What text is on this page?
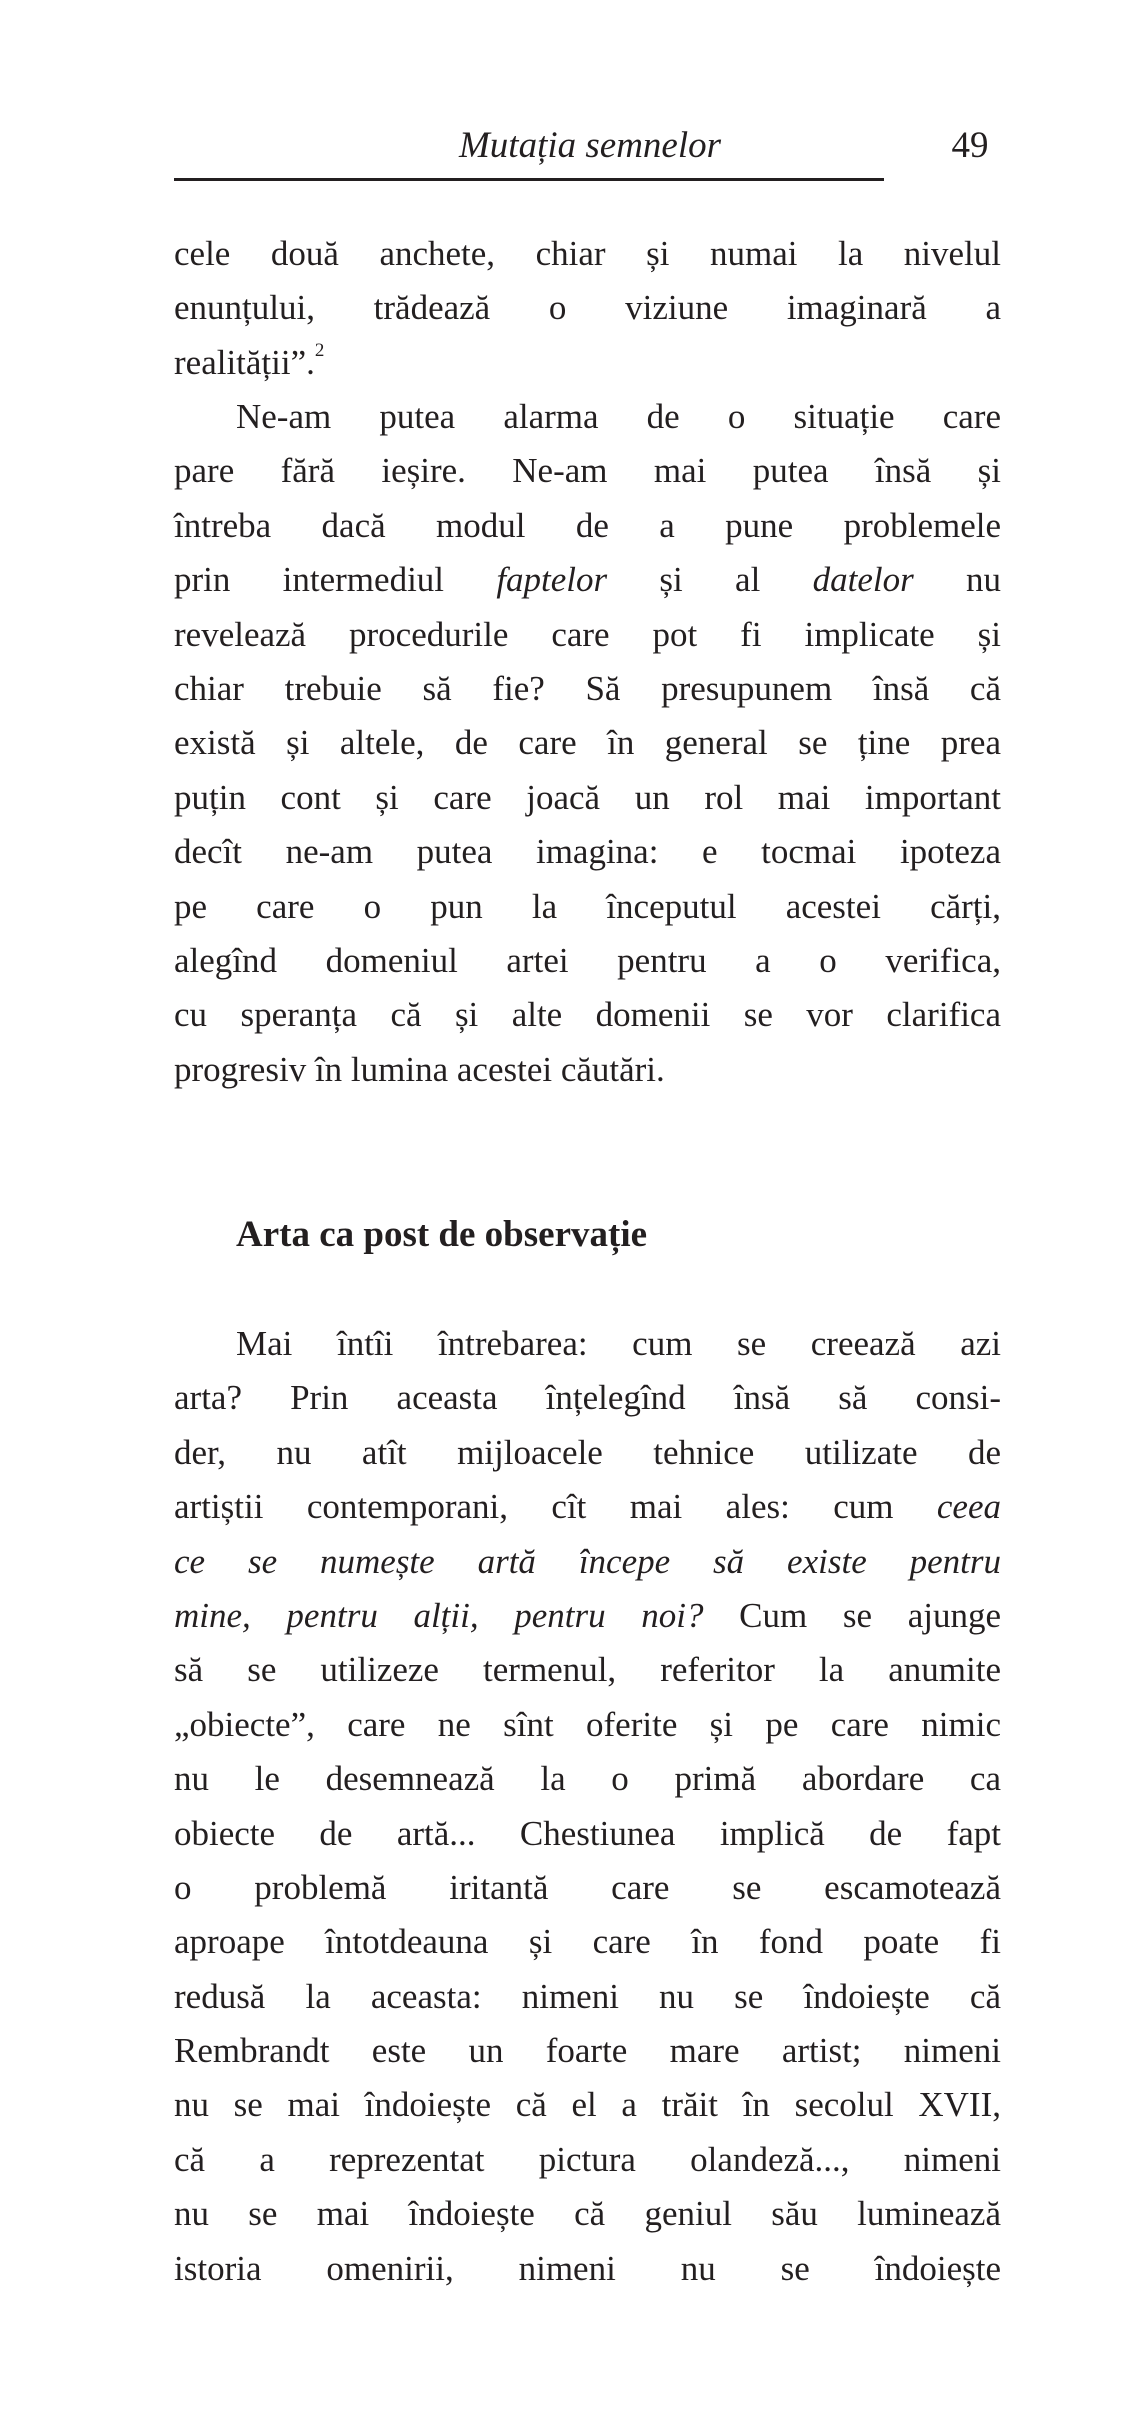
Mutația semnelor	49
cele două anchete, chiar și numai la nivelul
enunțului, trădează o viziune imaginară a
realității”.$^2$
Ne-am putea alarma de o situație care
pare fără ieșire. Ne-am mai putea însă și
întreba dacă modul de a pune problemele
prin intermediul faptelor și al datelor nu
revelează procedurile care pot fi implicate și
chiar trebuie să fie? Să presupunem însă că
există și altele, de care în general se ține prea
puțin cont și care joacă un rol mai important
decît ne-am putea imagina: e tocmai ipoteza
pe care o pun la începutul acestei cărți,
alegînd domeniul artei pentru a o verifica,
cu speranța că și alte domenii se vor clarifica
progresiv în lumina acestei căutări.
Arta ca post de observație
Mai întîi întrebarea: cum se creează azi
arta? Prin aceasta înțelegînd însă să consi-
der, nu atît mijloacele tehnice utilizate de
artiștii contemporani, cît mai ales: cum ceea
ce se numește artă începe să existe pentru
mine, pentru alții, pentru noi? Cum se ajunge
să se utilizeze termenul, referitor la anumite
„obiecte”, care ne sînt oferite și pe care nimic
nu le desemnează la o primă abordare ca
obiecte de artă... Chestiunea implică de fapt
o problemă iritantă care se escamotează
aproape întotdeauna și care în fond poate fi
redusă la aceasta: nimeni nu se îndoiește că
Rembrandt este un foarte mare artist; nimeni
nu se mai îndoiește că el a trăit în secolul XVII,
că a reprezentat pictura olandeză..., nimeni
nu se mai îndoiește că geniul său luminează
istoria omenirii, nimeni nu se îndoiește
